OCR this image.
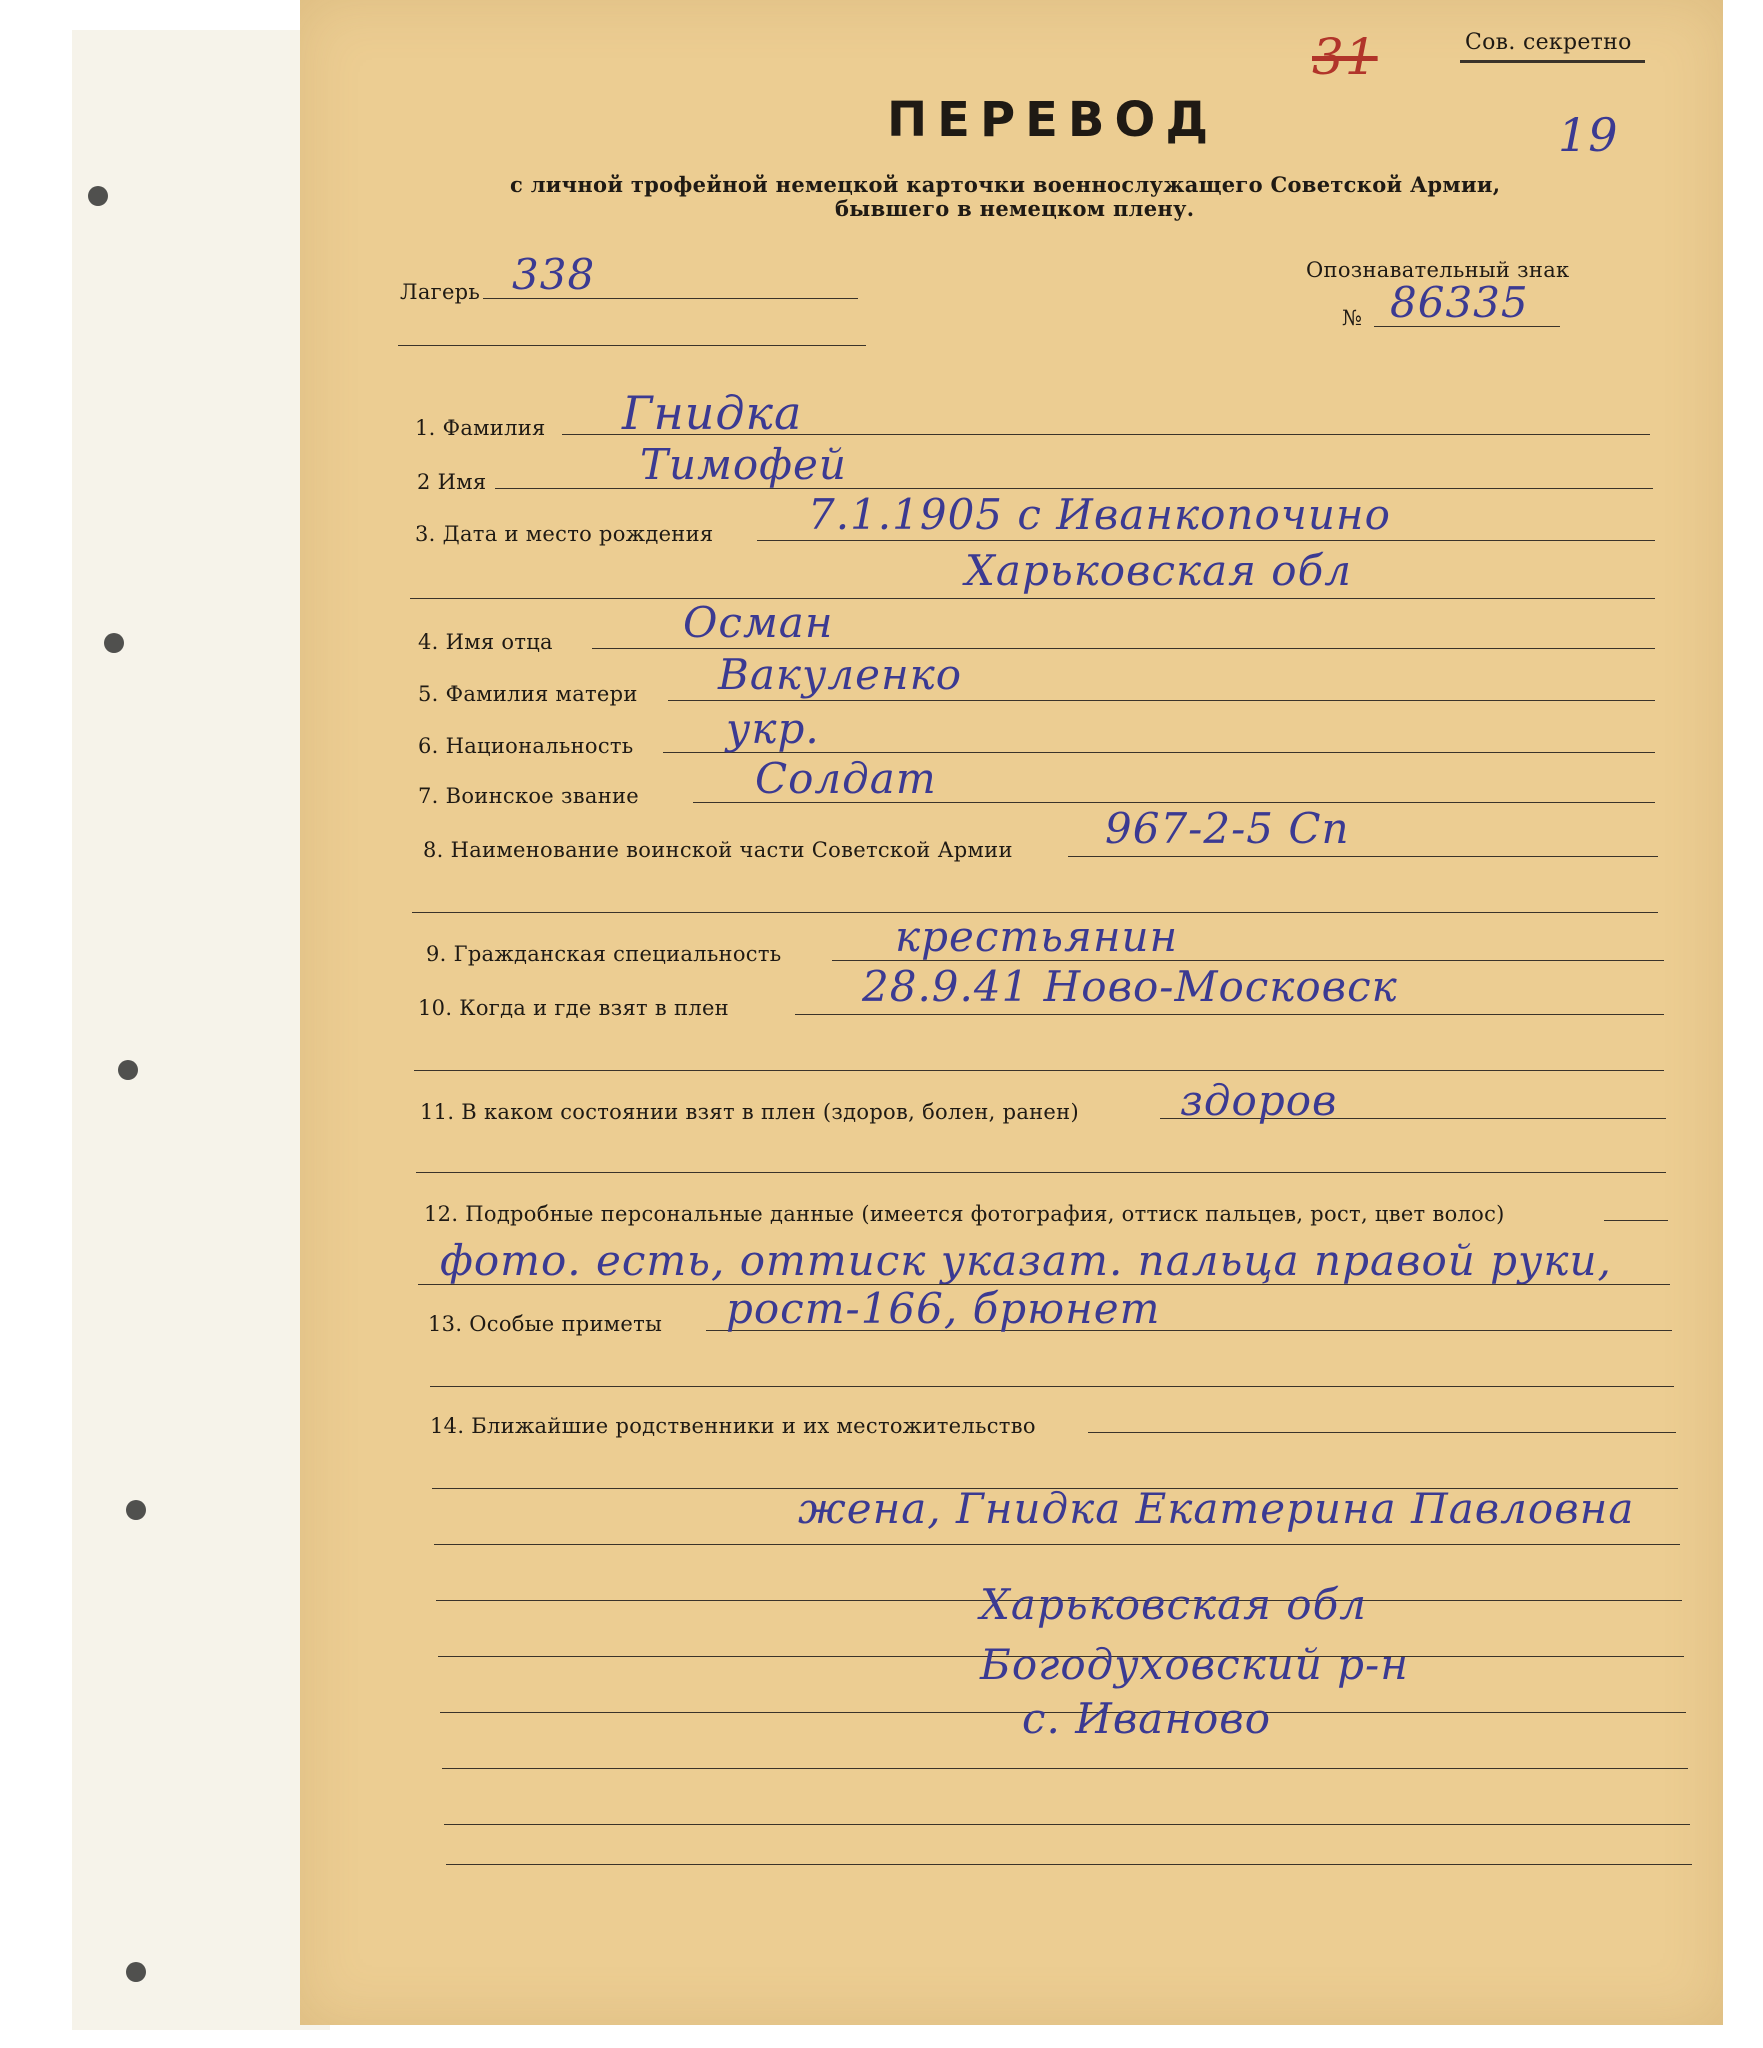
Сов. секретно
31
19
ПЕРЕВОД
с личной трофейной немецкой карточки военнослужащего Советской Армии,
бывшего в немецком плену.
Лагерь 338	Опознавательный знак
№ 86335
1. Фамилия Гнидка
2 Имя	Тимофей
3. Дата и место рождения 7.1.1905 с Иванкопочино
Харьковская обл
4. Имя отца	Осман
5. Фамилия матери Вакуленко
6. Национальность укр.
7. Воинское звание	Солдат
8. Наименование воинской части Советской Армии 967-2-5 Сп
9. Гражданская специальность	крестьянин
10. Когда и где взят в плен	28.9.41 Ново-Московск
11. В каком состоянии взят в плен (здоров, болен, ранен) здоров
12. Подробные персональные данные (имеется фотография, оттиск пальцев, рост, цвет волос)
фото. есть, оттиск указат. пальца правой руки,
13. Особые приметы рост-166, брюнет
14. Ближайшие родственники и их местожительство
жена, Гнидка Екатерина Павловна
Харьковская обл
Богодуховский р-н
с. Иваново
